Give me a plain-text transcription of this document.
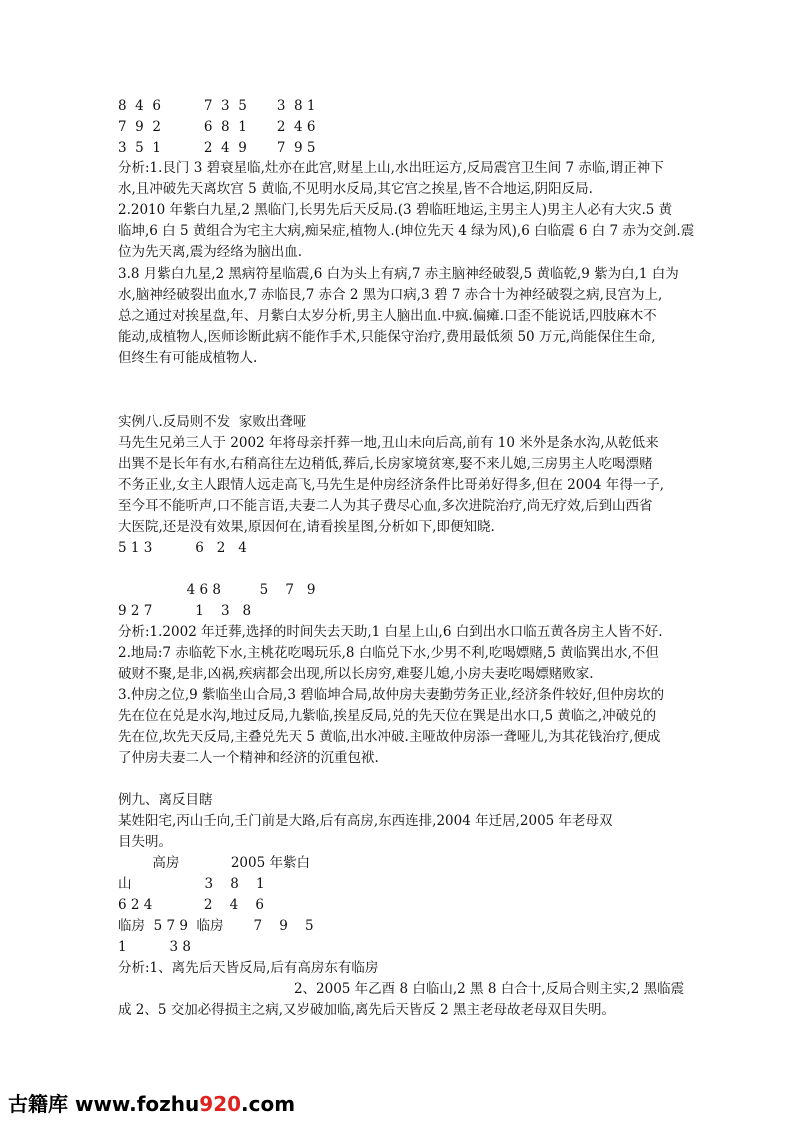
8  4  6          7  3  5       3  8 1

7  9  2          6  8  1       2  4 6

3  5  1          2  4  9       7  9 5

分析:1.艮门 3 碧衰星临,灶亦在此宫,财星上山,水出旺运方,反局震宫卫生间 7 赤临,谓正神下

水,且冲破先天离坎宫 5 黄临,不见明水反局,其它宫之挨星,皆不合地运,阴阳反局.

2.2010 年紫白九星,2 黑临门,长男先后天反局.(3 碧临旺地运,主男主人)男主人必有大灾.5 黄

临坤,6 白 5 黄组合为宅主大病,痴呆症,植物人.(坤位先天 4 绿为风),6 白临震 6 白 7 赤为交剑.震

位为先天离,震为经络为脑出血.

3.8 月紫白九星,2 黑病符星临震,6 白为头上有病,7 赤主脑神经破裂,5 黄临乾,9 紫为白,1 白为

水,脑神经破裂出血水,7 赤临艮,7 赤合 2 黑为口病,3 碧 7 赤合十为神经破裂之病,艮宫为上,

总之通过对挨星盘,年、月紫白太岁分析,男主人脑出血.中疯.偏瘫.口歪不能说话,四肢麻木不

能动,成植物人,医师诊断此病不能作手术,只能保守治疗,费用最低须 50 万元,尚能保住生命,

但终生有可能成植物人.

实例八.反局则不发  家败出聋哑

马先生兄弟三人于 2002 年将母亲扦葬一地,丑山未向后高,前有 10 米外是条水沟,从乾低来

出巽不是长年有水,右稍高往左边稍低,葬后,长房家境贫寒,娶不来儿媳,三房男主人吃喝漂赌

不务正业,女主人跟情人远走高飞,马先生是仲房经济条件比哥弟好得多,但在 2004 年得一子,

至今耳不能听声,口不能言语,夫妻二人为其子费尽心血,多次进院治疗,尚无疗效,后到山西省

大医院,还是没有效果,原因何在,请看挨星图,分析如下,即便知晓.

5 1 3          6   2   4

4 6 8         5    7   9

9 2 7          1    3   8

分析:1.2002 年迁葬,选择的时间失去天助,1 白星上山,6 白到出水口临五黄各房主人皆不好.

2.地局:7 赤临乾下水,主桃花吃喝玩乐,8 白临兑下水,少男不利,吃喝嫖赌,5 黄临巽出水,不但

破财不聚,是非,凶祸,疾病都会出现,所以长房穷,难娶儿媳,小房夫妻吃喝嫖赌败家.

3.仲房之位,9 紫临坐山合局,3 碧临坤合局,故仲房夫妻勤劳务正业,经济条件较好,但仲房坎的

先在位在兑是水沟,地过反局,九紫临,挨星反局,兑的先天位在巽是出水口,5 黄临之,冲破兑的

先在位,坎先天反局,主叠兑先天 5 黄临,出水冲破.主哑故仲房添一聋哑儿,为其花钱治疗,便成

了仲房夫妻二人一个精神和经济的沉重包袱.

例九、离反目瞎

某姓阳宅,丙山壬向,壬门前是大路,后有高房,东西连排,2004 年迁居,2005 年老母双

目失明。

高房            2005 年紫白

山                 3    8    1

6 2 4            2    4    6

临房  5 7 9  临房       7    9    5

1          3 8

分析:1、离先后天皆反局,后有高房东有临房

2、2005 年乙酉 8 白临山,2 黑 8 白合十,反局合则主实,2 黑临震

成 2、5 交加必得损主之病,又岁破加临,离先后天皆反 2 黑主老母故老母双目失明。

古籍库 www.fozhu920.com
